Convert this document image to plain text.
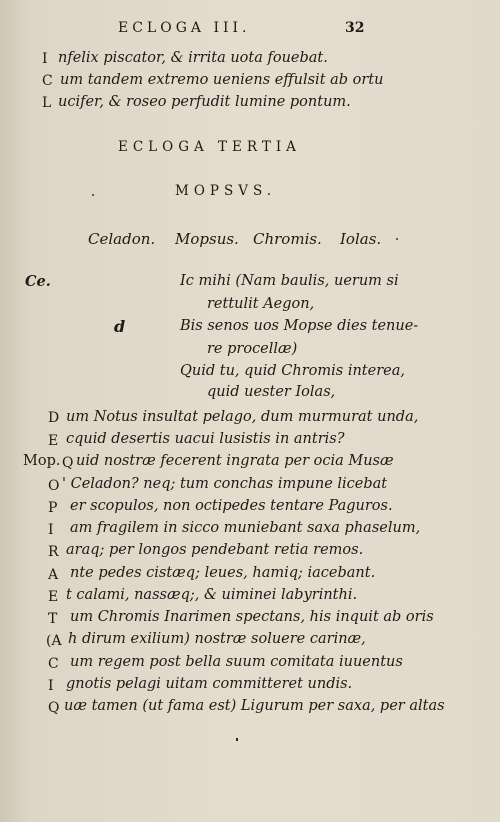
ECLOGA III.	32
I nfelix piscator, & irrita uota fouebat.
C um tandem extremo ueniens effulsit ab ortu
L ucifer, & roseo perfudit lumine pontum.
ECLOGA TERTIA
MOPSVS.
Celadon. Mopsus. Chromis. Iolas.
Ce.	Ic mihi (Nam baulis, uerum si
rettulit Aegon,
d	Bis senos uos Mopse dies tenue-
re procellæ)
Quid tu, quid Chromis interea,
quid uester Iolas,
D um Notus insultat pelago, dum murmurat unda,
E cquid desertis uacui lusistis in antris?
Mop. Q uid nostræ fecerent ingrata per ocia Musæ
O ' Celadon? neq; tum conchas impune licebat
P er scopulos, non octipedes tentare Paguros.
I am fragilem in sicco muniebant saxa phaselum,
R araq; per longos pendebant retia remos.
A nte pedes cistæq; leues, hamiq; iacebant.
E t calami, nassæq;, & uiminei labyrinthi.
T um Chromis Inarimen spectans, his inquit ab oris
(A h dirum exilium) nostræ soluere carinæ,
C um regem post bella suum comitata iuuentus
I gnotis pelagi uitam committeret undis.
Q uæ tamen (ut fama est) Ligurum per saxa, per altas
